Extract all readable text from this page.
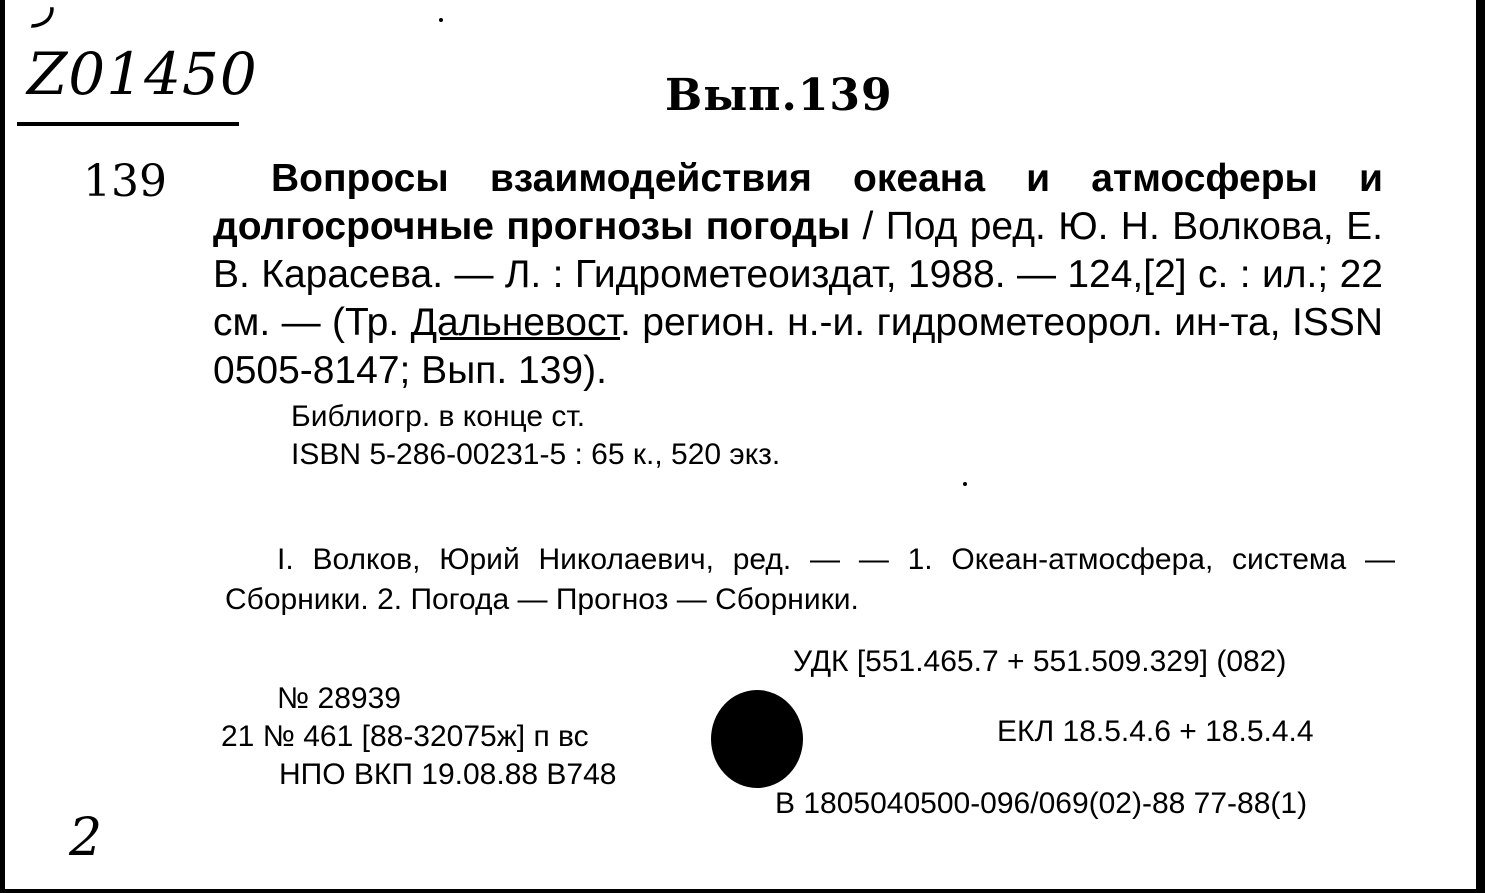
ر
Z01450	Вып.139
139	Вопросы взаимодействия океана и атмосферы и долгосрочные прогнозы погоды / Под ред. Ю. Н. Волкова, Е. В. Карасева. — Л. : Гидрометеоиздат, 1988. — 124,[2] с. : ил.; 22 см. — (Тр. Дальневост. регион. н.-и. гидрометеорол. ин-та, ISSN 0505-8147; Вып. 139).
Библиогр. в конце ст.
ISBN 5-286-00231-5 : 65 к., 520 экз.
I. Волков, Юрий Николаевич, ред. — — 1. Океан-атмосфера, система — Сборники. 2. Погода — Прогноз — Сборники.
УДК [551.465.7 + 551.509.329] (082)
№ 28939
21 № 461 [88-32075ж] п вс
НПО ВКП 19.08.88 В748
ЕКЛ 18.5.4.6 + 18.5.4.4
В 1805040500-096/069(02)-88 77-88(1)
2
